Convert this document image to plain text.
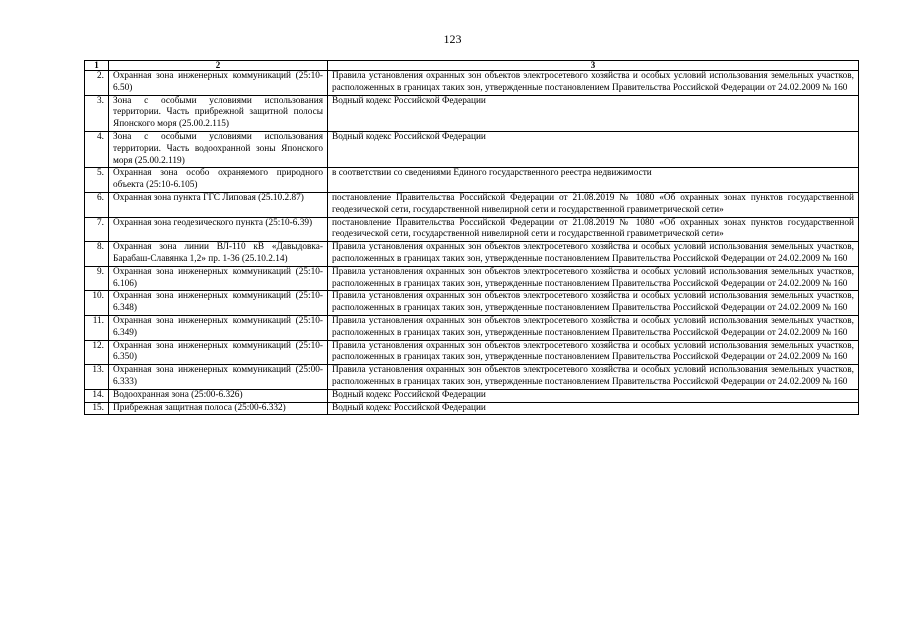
123
1	2	3
2.	Охранная зона инженерных коммуникаций (25:10-6.50)	Правила установления охранных зон объектов электросетевого хозяйства и особых условий использования земельных участков, расположенных в границах таких зон, утвержденные постановлением Правительства Российской Федерации от 24.02.2009 № 160
3.	Зона с особыми условиями использования территории. Часть прибрежной защитной полосы Японского моря (25.00.2.115)	Водный кодекс Российской Федерации
4.	Зона с особыми условиями использования территории. Часть водоохранной зоны Японского моря (25.00.2.119)	Водный кодекс Российской Федерации
5.	Охранная зона особо охраняемого природного объекта (25:10-6.105)	в соответствии со сведениями Единого государственного реестра недвижимости
6.	Охранная зона пункта ГГС Липовая (25.10.2.87)	постановление Правительства Российской Федерации от 21.08.2019 № 1080 «Об охранных зонах пунктов государственной геодезической сети, государственной нивелирной сети и государственной гравиметрической сети»
7.	Охранная зона геодезического пункта (25:10-6.39)	постановление Правительства Российской Федерации от 21.08.2019 № 1080 «Об охранных зонах пунктов государственной геодезической сети, государственной нивелирной сети и государственной гравиметрической сети»
8.	Охранная зона линии ВЛ-110 кВ «Давыдовка-Барабаш-Славянка 1,2» пр. 1-36 (25.10.2.14)	Правила установления охранных зон объектов электросетевого хозяйства и особых условий использования земельных участков, расположенных в границах таких зон, утвержденные постановлением Правительства Российской Федерации от 24.02.2009 № 160
9.	Охранная зона инженерных коммуникаций (25:10-6.106)	Правила установления охранных зон объектов электросетевого хозяйства и особых условий использования земельных участков, расположенных в границах таких зон, утвержденные постановлением Правительства Российской Федерации от 24.02.2009 № 160
10.	Охранная зона инженерных коммуникаций (25:10-6.348)	Правила установления охранных зон объектов электросетевого хозяйства и особых условий использования земельных участков, расположенных в границах таких зон, утвержденные постановлением Правительства Российской Федерации от 24.02.2009 № 160
11.	Охранная зона инженерных коммуникаций (25:10-6.349)	Правила установления охранных зон объектов электросетевого хозяйства и особых условий использования земельных участков, расположенных в границах таких зон, утвержденные постановлением Правительства Российской Федерации от 24.02.2009 № 160
12.	Охранная зона инженерных коммуникаций (25:10-6.350)	Правила установления охранных зон объектов электросетевого хозяйства и особых условий использования земельных участков, расположенных в границах таких зон, утвержденные постановлением Правительства Российской Федерации от 24.02.2009 № 160
13.	Охранная зона инженерных коммуникаций (25:00-6.333)	Правила установления охранных зон объектов электросетевого хозяйства и особых условий использования земельных участков, расположенных в границах таких зон, утвержденные постановлением Правительства Российской Федерации от 24.02.2009 № 160
14.	Водоохранная зона (25:00-6.326)	Водный кодекс Российской Федерации
15.	Прибрежная защитная полоса (25:00-6.332)	Водный кодекс Российской Федерации
